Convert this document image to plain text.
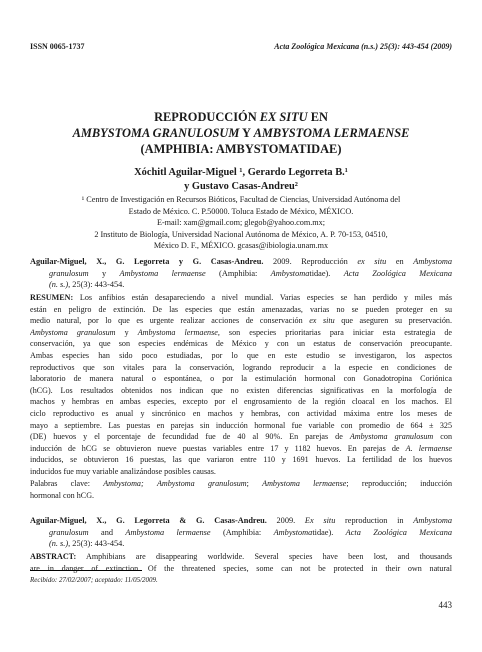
ISSN 0065-1737	Acta Zoológica Mexicana (n.s.) 25(3): 443-454 (2009)
REPRODUCCIÓN EX SITU EN
AMBYSTOMA GRANULOSUM Y AMBYSTOMA LERMAENSE
(AMPHIBIA: AMBYSTOMATIDAE)
Xóchitl Aguilar-Miguel ¹, Gerardo Legorreta B.¹
y Gustavo Casas-Andreu²
¹ Centro de Investigación en Recursos Bióticos, Facultad de Ciencias, Universidad Autónoma del
Estado de México. C. P.50000. Toluca Estado de México, MÉXICO.
E-mail: xam@gmail.com; glegob@yahoo.com.mx;
2 Instituto de Biología, Universidad Nacional Autónoma de México, A. P. 70-153, 04510,
México D. F., MÉXICO. gcasas@ibiologia.unam.mx
Aguilar-Miguel, X., G. Legorreta y G. Casas-Andreu. 2009. Reproducción ex situ en Ambystoma
granulosum y Ambystoma lermaense (Amphibia: Ambystomatidae). Acta Zoológica Mexicana
(n. s.), 25(3): 443-454.
RESUMEN: Los anfibios están desapareciendo a nivel mundial. Varias especies se han perdido y miles más
están en peligro de extinción. De las especies que están amenazadas, varias no se pueden proteger en su
medio natural, por lo que es urgente realizar acciones de conservación ex situ que aseguren su preservación.
Ambystoma granulosum y Ambystoma lermaense, son especies prioritarias para iniciar esta estrategia de
conservación, ya que son especies endémicas de México y con un estatus de conservación preocupante.
Ambas especies han sido poco estudiadas, por lo que en este estudio se investigaron, los aspectos
reproductivos que son vitales para la conservación, logrando reproducir a la especie en condiciones de
laboratorio de manera natural o espontánea, o por la estimulación hormonal con Gonadotropina Coriónica
(hCG). Los resultados obtenidos nos indican que no existen diferencias significativas en la morfología de
machos y hembras en ambas especies, excepto por el engrosamiento de la región cloacal en los machos. El
ciclo reproductivo es anual y sincrónico en machos y hembras, con actividad máxima entre los meses de
mayo a septiembre. Las puestas en parejas sin inducción hormonal fue variable con promedio de 664 ± 325
(DE) huevos y el porcentaje de fecundidad fue de 40 al 90%. En parejas de Ambystoma granulosum con
inducción de hCG se obtuvieron nueve puestas variables entre 17 y 1182 huevos. En parejas de A. lermaense
inducidos, se obtuvieron 16 puestas, las que variaron entre 110 y 1691 huevos. La fertilidad de los huevos
inducidos fue muy variable analizándose posibles causas.
Palabras clave: Ambystoma; Ambystoma granulosum; Ambystoma lermaense; reproducción; inducción
hormonal con hCG.
Aguilar-Miguel, X., G. Legorreta & G. Casas-Andreu. 2009. Ex situ reproduction in Ambystoma
granulosum and Ambystoma lermaense (Amphibia: Ambystomatidae). Acta Zoológica Mexicana
(n. s.), 25(3): 443-454.
ABSTRACT: Amphibians are disappearing worldwide. Several species have been lost, and thousands
are in danger of extinction. Of the threatened species, some can not be protected in their own natural
Recibido: 27/02/2007; aceptado: 11/05/2009.
443
